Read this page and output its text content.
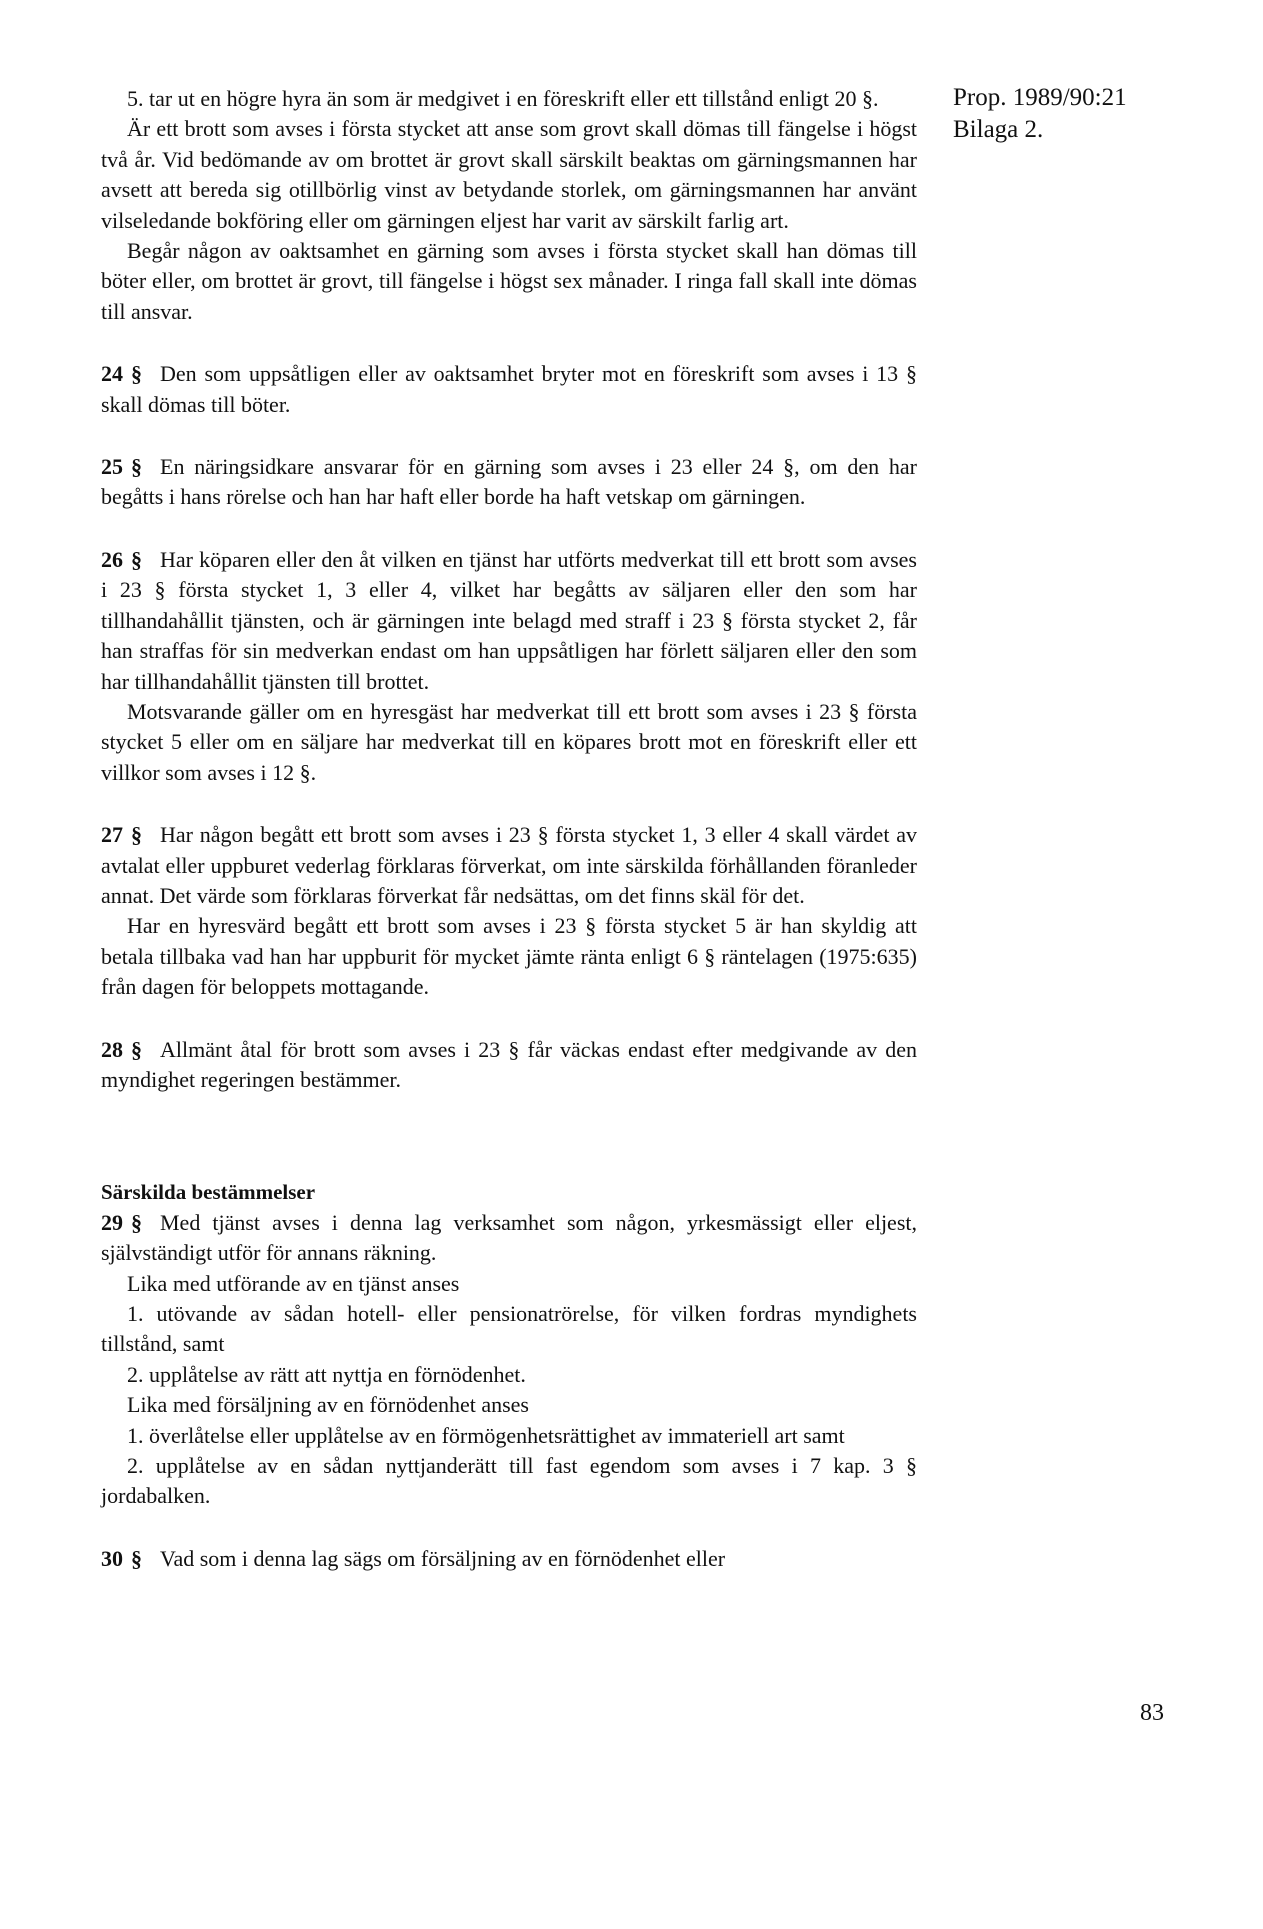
Prop. 1989/90:21
Bilaga 2.

5. tar ut en högre hyra än som är medgivet i en föreskrift eller ett tillstånd enligt 20 §.

Är ett brott som avses i första stycket att anse som grovt skall dömas till fängelse i högst två år. Vid bedömande av om brottet är grovt skall särskilt beaktas om gärningsmannen har avsett att bereda sig otillbörlig vinst av betydande storlek, om gärningsmannen har använt vilseledande bokföring eller om gärningen eljest har varit av särskilt farlig art.

Begår någon av oaktsamhet en gärning som avses i första stycket skall han dömas till böter eller, om brottet är grovt, till fängelse i högst sex månader. I ringa fall skall inte dömas till ansvar.

24 § Den som uppsåtligen eller av oaktsamhet bryter mot en föreskrift som avses i 13 § skall dömas till böter.

25 § En näringsidkare ansvarar för en gärning som avses i 23 eller 24 §, om den har begåtts i hans rörelse och han har haft eller borde ha haft vetskap om gärningen.

26 § Har köparen eller den åt vilken en tjänst har utförts medverkat till ett brott som avses i 23 § första stycket 1, 3 eller 4, vilket har begåtts av säljaren eller den som har tillhandahållit tjänsten, och är gärningen inte belagd med straff i 23 § första stycket 2, får han straffas för sin medverkan endast om han uppsåtligen har förlett säljaren eller den som har tillhandahållit tjänsten till brottet.

Motsvarande gäller om en hyresgäst har medverkat till ett brott som avses i 23 § första stycket 5 eller om en säljare har medverkat till en köpares brott mot en föreskrift eller ett villkor som avses i 12 §.

27 § Har någon begått ett brott som avses i 23 § första stycket 1, 3 eller 4 skall värdet av avtalat eller uppburet vederlag förklaras förverkat, om inte särskilda förhållanden föranleder annat. Det värde som förklaras förverkat får nedsättas, om det finns skäl för det.

Har en hyresvärd begått ett brott som avses i 23 § första stycket 5 är han skyldig att betala tillbaka vad han har uppburit för mycket jämte ränta enligt 6 § räntelagen (1975:635) från dagen för beloppets mottagande.

28 § Allmänt åtal för brott som avses i 23 § får väckas endast efter medgivande av den myndighet regeringen bestämmer.

Särskilda bestämmelser

29 § Med tjänst avses i denna lag verksamhet som någon, yrkesmässigt eller eljest, självständigt utför för annans räkning.

Lika med utförande av en tjänst anses

1. utövande av sådan hotell- eller pensionatrörelse, för vilken fordras myndighets tillstånd, samt

2. upplåtelse av rätt att nyttja en förnödenhet.

Lika med försäljning av en förnödenhet anses

1. överlåtelse eller upplåtelse av en förmögenhetsrättighet av immateriell art samt

2. upplåtelse av en sådan nyttjanderätt till fast egendom som avses i 7 kap. 3 § jordabalken.

30 § Vad som i denna lag sägs om försäljning av en förnödenhet eller

83
